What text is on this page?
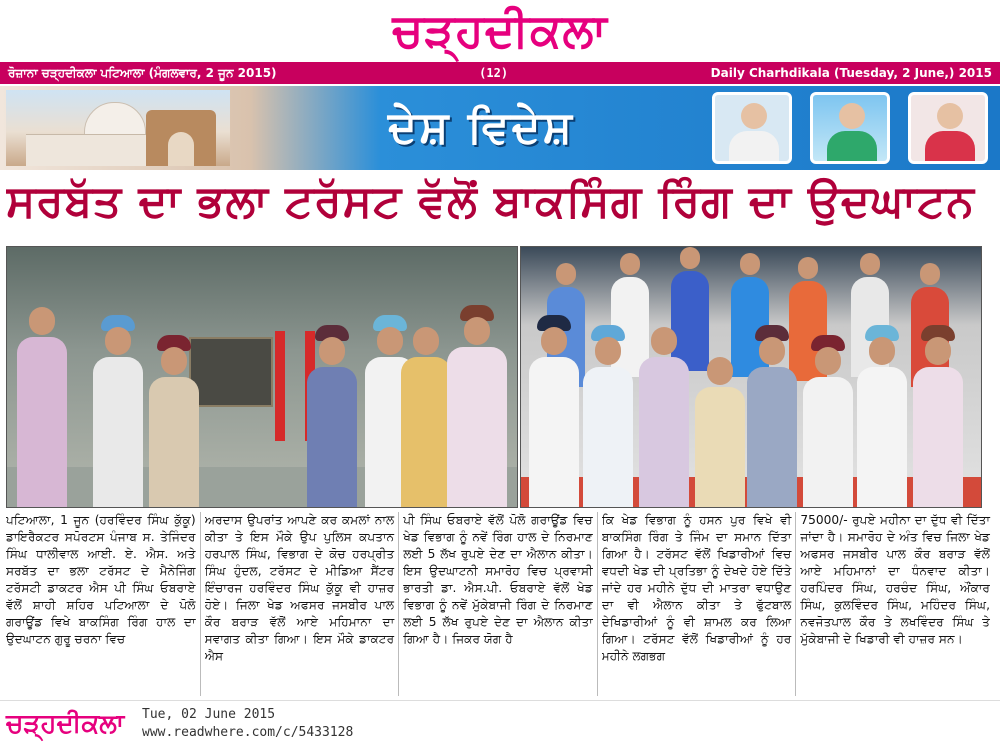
ਚੜ੍ਹਦੀਕਲਾ
ਰੋਜ਼ਾਨਾ ਚੜ੍ਹਦੀਕਲਾ ਪਟਿਆਲਾ (ਮੰਗਲਵਾਰ, 2 ਜੂਨ 2015)	(12)	Daily Charhdikala (Tuesday, 2 June,) 2015
ਦੇਸ਼ ਵਿਦੇਸ਼
ਸਰਬੱਤ ਦਾ ਭਲਾ ਟਰੱਸਟ ਵੱਲੋਂ ਬਾਕਸਿੰਗ ਰਿੰਗ ਦਾ ਉਦਘਾਟਨ
ਪਟਿਆਲਾ, 1 ਜੂਨ (ਹਰਵਿੰਦਰ ਸਿੰਘ ਕੁੱਕੂ) ਡਾਇਰੈਕਟਰ ਸਪੋਰਟਸ ਪੰਜਾਬ ਸ. ਤੇਜਿੰਦਰ ਸਿੰਘ ਧਾਲੀਵਾਲ ਆਈ. ਏ. ਐਸ. ਅਤੇ ਸਰਬੱਤ ਦਾ ਭਲਾ ਟਰੱਸਟ ਦੇ ਮੈਨੇਜਿੰਗ ਟਰੱਸਟੀ ਡਾਕਟਰ ਐਸ ਪੀ ਸਿੰਘ ਓਬਰਾਏ ਵੱਲੋਂ ਸ਼ਾਹੀ ਸ਼ਹਿਰ ਪਟਿਆਲਾ ਦੇ ਪੋਲੋ ਗਰਾਊਂਡ ਵਿਖੇ ਬਾਕਸਿੰਗ ਰਿੰਗ ਹਾਲ ਦਾ ਉਦਘਾਟਨ ਗੁਰੂ ਚਰਨਾ ਵਿਚ
ਅਰਦਾਸ ਉਪਰਾਂਤ ਆਪਣੇ ਕਰ ਕਮਲਾਂ ਨਾਲ ਕੀਤਾ ਤੇ ਇਸ ਮੌਕੇ ਉਪ ਪੁਲਿਸ ਕਪਤਾਨ ਹਰਪਾਲ ਸਿੰਘ, ਵਿਭਾਗ ਦੇ ਕੋਚ ਹਰਪ੍ਰੀਤ ਸਿੰਘ ਹੁੰਦਲ, ਟਰੱਸਟ ਦੇ ਮੀਡਿਆ ਸੈਂਟਰ ਇੰਚਾਰਜ ਹਰਵਿੰਦਰ ਸਿੰਘ ਕੁੱਕੂ ਵੀ ਹਾਜ਼ਰ ਹੋਏ। ਜਿਲਾ ਖੇਡ ਅਫਸਰ ਜਸਬੀਰ ਪਾਲ ਕੌਰ ਬਰਾੜ ਵੱਲੋਂ ਆਏ ਮਹਿਮਾਨਾ ਦਾ ਸਵਾਗਤ ਕੀਤਾ ਗਿਆ। ਇਸ ਮੌਕੇ ਡਾਕਟਰ ਐਸ
ਪੀ ਸਿੰਘ ਓਬਰਾਏ ਵੱਲੋਂ ਪੋਲੋ ਗਰਾਊਂਡ ਵਿਚ ਖੇਡ ਵਿਭਾਗ ਨੂੰ ਨਵੇਂ ਰਿੰਗ ਹਾਲ ਦੇ ਨਿਰਮਾਣ ਲਈ 5 ਲੱਖ ਰੁਪਏ ਦੇਣ ਦਾ ਐਲਾਨ ਕੀਤਾ। ਇਸ ਉਦਘਾਟਨੀ ਸਮਾਰੋਹ ਵਿਚ ਪ੍ਰਵਾਸੀ ਭਾਰਤੀ ਡਾ. ਐਸ.ਪੀ. ਓਬਰਾਏ ਵੱਲੋਂ ਖੇਡ ਵਿਭਾਗ ਨੂੰ ਨਵੇਂ ਮੁੱਕੇਬਾਜੀ ਰਿੰਗ ਦੇ ਨਿਰਮਾਣ ਲਈ 5 ਲੱਖ ਰੁਪਏ ਦੇਣ ਦਾ ਐਲਾਨ ਕੀਤਾ ਗਿਆ ਹੈ। ਜਿਕਰ ਯੋਗ ਹੈ
ਕਿ ਖੇਡ ਵਿਭਾਗ ਨੂੰ ਹਸਨ ਪੁਰ ਵਿਖੇ ਵੀ ਬਾਕਸਿੰਗ ਰਿੰਗ ਤੇ ਜਿੰਮ ਦਾ ਸਮਾਨ ਦਿੱਤਾ ਗਿਆ ਹੈ। ਟਰੱਸਟ ਵੱਲੋਂ ਖਿਡਾਰੀਆਂ ਵਿਚ ਵਧਦੀ ਖੇਡ ਦੀ ਪ੍ਰਤਿਭਾ ਨੂੰ ਦੇਖਦੇ ਹੋਏ ਦਿੱਤੇ ਜਾਂਦੇ ਹਰ ਮਹੀਨੇ ਦੁੱਧ ਦੀ ਮਾਤਰਾ ਵਧਾਉਣ ਦਾ ਵੀ ਐਲਾਨ ਕੀਤਾ ਤੇ ਫੁੱਟਬਾਲ ਦੇਖਿਡਾਰੀਆਂ ਨੂੰ ਵੀ ਸ਼ਾਮਲ ਕਰ ਲਿਆ ਗਿਆ। ਟਰੱਸਟ ਵੱਲੋਂ ਖਿਡਾਰੀਆਂ ਨੂੰ ਹਰ ਮਹੀਨੇ ਲਗਭਗ
75000/- ਰੁਪਏ ਮਹੀਨਾ ਦਾ ਦੁੱਧ ਵੀ ਦਿੱਤਾ ਜਾਂਦਾ ਹੈ। ਸਮਾਰੋਹ ਦੇ ਅੰਤ ਵਿਚ ਜਿਲਾ ਖੇਡ ਅਫਸਰ ਜਸਬੀਰ ਪਾਲ ਕੌਰ ਬਰਾੜ ਵੱਲੋਂ ਆਏ ਮਹਿਮਾਨਾਂ ਦਾ ਧੰਨਵਾਦ ਕੀਤਾ। ਹਰਪਿੰਦਰ ਸਿੰਘ, ਹਰਚੰਦ ਸਿੰਘ, ਔਂਕਾਰ ਸਿੰਘ, ਕੁਲਵਿੰਦਰ ਸਿੰਘ, ਮਹਿੰਦਰ ਸਿੰਘ, ਨਵਜੋਤਪਾਲ ਕੌਰ ਤੇ ਲਖਵਿੰਦਰ ਸਿੰਘ ਤੇ ਮੁੱਕੇਬਾਜੀ ਦੇ ਖਿਡਾਰੀ ਵੀ ਹਾਜ਼ਰ ਸਨ।
ਚੜ੍ਹਦੀਕਲਾ Tue, 02 June 2015
www.readwhere.com/c/5433128
